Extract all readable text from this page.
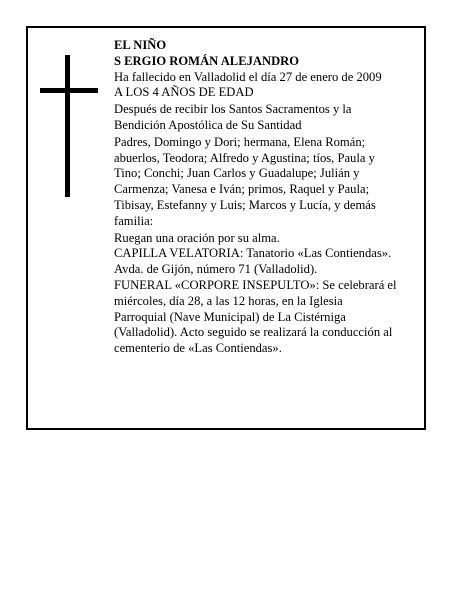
EL NIÑO
S ERGIO ROMÁN ALEJANDRO
Ha fallecido en Valladolid el día 27 de enero de 2009
A LOS 4 AÑOS DE EDAD
Después de recibir los Santos Sacramentos y la
Bendición Apostólica de Su Santidad
Padres, Domingo y Dori; hermana, Elena Román;
abuerlos, Teodora; Alfredo y Agustina; tíos, Paula y
Tino; Conchi; Juan Carlos y Guadalupe; Julián y
Carmenza; Vanesa e Iván; primos, Raquel y Paula;
Tibisay, Estefanny y Luis; Marcos y Lucía, y demás
familia:
Ruegan una oración por su alma.
CAPILLA VELATORIA: Tanatorio «Las Contiendas».
Avda. de Gijón, número 71 (Valladolid).
FUNERAL «CORPORE INSEPULTO»: Se celebrará el
miércoles, día 28, a las 12 horas, en la Iglesia
Parroquial (Nave Municipal) de La Cistérniga
(Valladolid). Acto seguido se realizará la conducción al
cementerio de «Las Contiendas».
